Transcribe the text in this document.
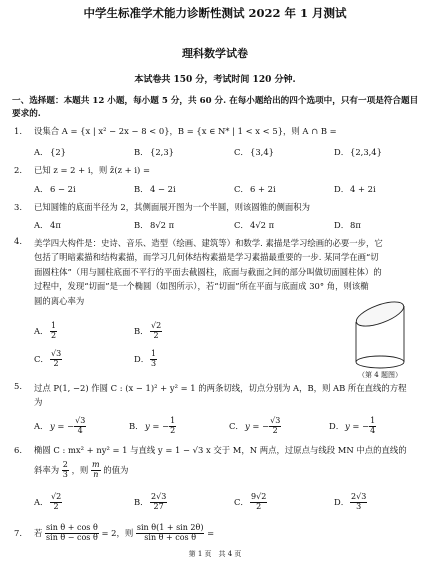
中学生标准学术能力诊断性测试 2022 年 1 月测试
理科数学试卷
本试卷共 150 分，考试时间 120 分钟.
一、选择题：本题共 12 小题，每小题 5 分，共 60 分. 在每小题给出的四个选项中，只有一项是符合题目要求的.
1.	设集合 A = {x | x² − 2x − 8 < 0}，B = {x ∈ N* | 1 < x < 5}，则 A ∩ B =
A． {2}	B．{2,3}	C．{3,4}	D．{2,3,4}
2.	已知 z = 2 + i，则 z̄(z + i) =
A． 6 − 2i	B．4 − 2i	C．6 + 2i	D．4 + 2i
3.	已知圆锥的底面半径为 2，其侧面展开图为一个半圆，则该圆锥的侧面积为
A． 4π	B．8√2 π	C．4√2 π	D．8π
4.	美学四大构件是：史诗、音乐、造型（绘画、建筑等）和数学. 素描是学习绘画的必要一步，它
包括了明暗素描和结构素描，而学习几何体结构素描是学习素描最重要的一步. 某同学在画“切
面圆柱体”（用与圆柱底面不平行的平面去截圆柱，底面与截面之间的部分叫做切面圆柱体）的
过程中，发现“切面”是一个椭圆（如图所示），若“切面”所在平面与底面成 30° 角，则该椭
圆的离心率为
A． $\frac{1}{2}$	B． $\frac{√2}{2}$
C． $\frac{√3}{2}$	D． $\frac{1}{3}$
（第 4 题图）
5.	过点 P(1, −2) 作圆 C : (x − 1)² + y² = 1 的两条切线，切点分别为 A，B，则 AB 所在直线的方程
为
A． y = − $\frac{√3}{4}$	B．y = − $\frac{1}{2}$	C．y = − $\frac{√3}{2}$	D．y = − $\frac{1}{4}$
6.	椭圆 C : mx² + ny² = 1 与直线 y = 1 − √3 x 交于 M，N 两点，过原点与线段 MN 中点的直线的
斜率为 $\frac{2}{3}$ ，则 $\frac{m}{n}$ 的值为
A． $\frac{√2}{2}$	B． $\frac{2√3}{27}$	C． $\frac{9√2}{2}$	D． $\frac{2√3}{3}$
7.	若 $\frac{\text{sin θ + cos θ}}{\text{sin θ − cos θ}} = 2$，则 $\frac{\text{sin θ(1 + sin 2θ)}}{\text{sin θ + cos θ}}$ =
第 1 页　共 4 页
